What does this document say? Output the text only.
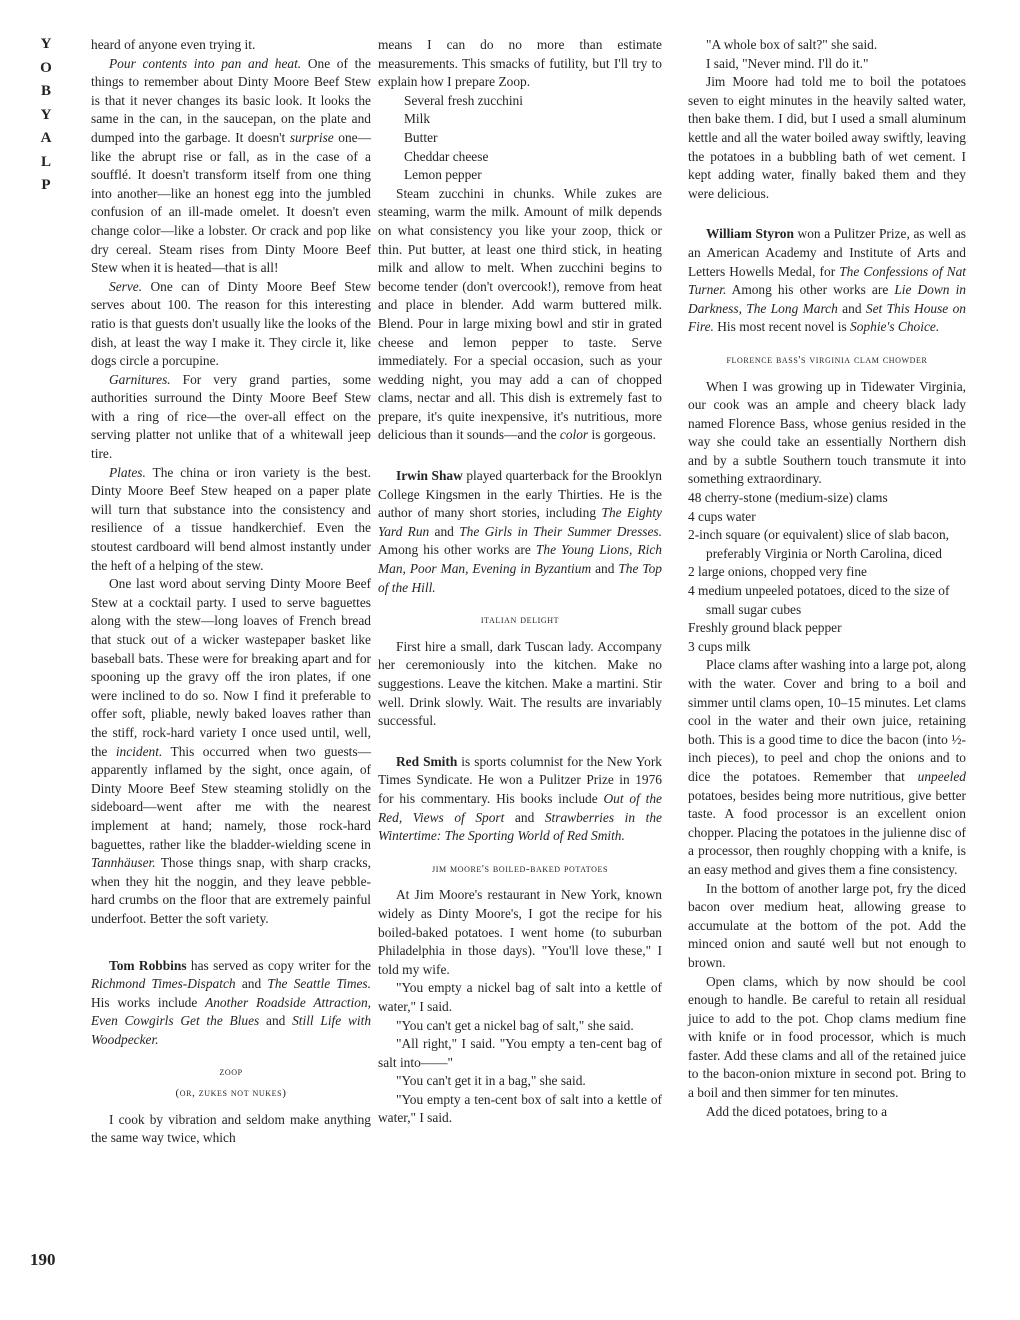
Y
O
B
Y
A
L
P
190

heard of anyone even trying it.

Pour contents into pan and heat. One of the things to remember about Dinty Moore Beef Stew is that it never changes its basic look. It looks the same in the can, in the saucepan, on the plate and dumped into the garbage. It doesn't surprise one—like the abrupt rise or fall, as in the case of a soufflé. It doesn't transform itself from one thing into another—like an honest egg into the jumbled confusion of an ill-made omelet. It doesn't even change color—like a lobster. Or crack and pop like dry cereal. Steam rises from Dinty Moore Beef Stew when it is heated—that is all!

Serve. One can of Dinty Moore Beef Stew serves about 100. The reason for this interesting ratio is that guests don't usually like the looks of the dish, at least the way I make it. They circle it, like dogs circle a porcupine.

Garnitures. For very grand parties, some authorities surround the Dinty Moore Beef Stew with a ring of rice—the over-all effect on the serving platter not unlike that of a whitewall jeep tire.

Plates. The china or iron variety is the best. Dinty Moore Beef Stew heaped on a paper plate will turn that substance into the consistency and resilience of a tissue handkerchief. Even the stoutest cardboard will bend almost instantly under the heft of a helping of the stew.

One last word about serving Dinty Moore Beef Stew at a cocktail party. I used to serve baguettes along with the stew—long loaves of French bread that stuck out of a wicker wastepaper basket like baseball bats. These were for breaking apart and for spooning up the gravy off the iron plates, if one were inclined to do so. Now I find it preferable to offer soft, pliable, newly baked loaves rather than the stiff, rock-hard variety I once used until, well, the incident. This occurred when two guests—apparently inflamed by the sight, once again, of Dinty Moore Beef Stew steaming stolidly on the sideboard—went after me with the nearest implement at hand; namely, those rock-hard baguettes, rather like the bladder-wielding scene in Tannhäuser. Those things snap, with sharp cracks, when they hit the noggin, and they leave pebble-hard crumbs on the floor that are extremely painful underfoot. Better the soft variety.

Tom Robbins has served as copy writer for the Richmond Times-Dispatch and The Seattle Times. His works include Another Roadside Attraction, Even Cowgirls Get the Blues and Still Life with Woodpecker.

zoop
(or, zukes not nukes)

I cook by vibration and seldom make anything the same way twice, which

means I can do no more than estimate measurements. This smacks of futility, but I'll try to explain how I prepare Zoop.

Several fresh zucchini

Milk

Butter

Cheddar cheese

Lemon pepper

Steam zucchini in chunks. While zukes are steaming, warm the milk. Amount of milk depends on what consistency you like your zoop, thick or thin. Put butter, at least one third stick, in heating milk and allow to melt. When zucchini begins to become tender (don't overcook!), remove from heat and place in blender. Add warm buttered milk. Blend. Pour in large mixing bowl and stir in grated cheese and lemon pepper to taste. Serve immediately. For a special occasion, such as your wedding night, you may add a can of chopped clams, nectar and all. This dish is extremely fast to prepare, it's quite inexpensive, it's nutritious, more delicious than it sounds—and the color is gorgeous.

Irwin Shaw played quarterback for the Brooklyn College Kingsmen in the early Thirties. He is the author of many short stories, including The Eighty Yard Run and The Girls in Their Summer Dresses. Among his other works are The Young Lions, Rich Man, Poor Man, Evening in Byzantium and The Top of the Hill.

italian delight

First hire a small, dark Tuscan lady. Accompany her ceremoniously into the kitchen. Make no suggestions. Leave the kitchen. Make a martini. Stir well. Drink slowly. Wait. The results are invariably successful.

Red Smith is sports columnist for the New York Times Syndicate. He won a Pulitzer Prize in 1976 for his commentary. His books include Out of the Red, Views of Sport and Strawberries in the Wintertime: The Sporting World of Red Smith.

jim moore's boiled-baked potatoes

At Jim Moore's restaurant in New York, known widely as Dinty Moore's, I got the recipe for his boiled-baked potatoes. I went home (to suburban Philadelphia in those days). "You'll love these," I told my wife.

"You empty a nickel bag of salt into a kettle of water," I said.

"You can't get a nickel bag of salt," she said.

"All right," I said. "You empty a ten-cent bag of salt into——"

"You can't get it in a bag," she said.

"You empty a ten-cent box of salt into a kettle of water," I said.

"A whole box of salt?" she said.

I said, "Never mind. I'll do it."

Jim Moore had told me to boil the potatoes seven to eight minutes in the heavily salted water, then bake them. I did, but I used a small aluminum kettle and all the water boiled away swiftly, leaving the potatoes in a bubbling bath of wet cement. I kept adding water, finally baked them and they were delicious.

William Styron won a Pulitzer Prize, as well as an American Academy and Institute of Arts and Letters Howells Medal, for The Confessions of Nat Turner. Among his other works are Lie Down in Darkness, The Long March and Set This House on Fire. His most recent novel is Sophie's Choice.

florence bass's virginia clam chowder

When I was growing up in Tidewater Virginia, our cook was an ample and cheery black lady named Florence Bass, whose genius resided in the way she could take an essentially Northern dish and by a subtle Southern touch transmute it into something extraordinary.

48 cherry-stone (medium-size) clams

4 cups water

2-inch square (or equivalent) slice of slab bacon, preferably Virginia or North Carolina, diced

2 large onions, chopped very fine

4 medium unpeeled potatoes, diced to the size of small sugar cubes

Freshly ground black pepper

3 cups milk

Place clams after washing into a large pot, along with the water. Cover and bring to a boil and simmer until clams open, 10–15 minutes. Let clams cool in the water and their own juice, retaining both. This is a good time to dice the bacon (into ½-inch pieces), to peel and chop the onions and to dice the potatoes. Remember that unpeeled potatoes, besides being more nutritious, give better taste. A food processor is an excellent onion chopper. Placing the potatoes in the julienne disc of a processor, then roughly chopping with a knife, is an easy method and gives them a fine consistency.

In the bottom of another large pot, fry the diced bacon over medium heat, allowing grease to accumulate at the bottom of the pot. Add the minced onion and sauté well but not enough to brown.

Open clams, which by now should be cool enough to handle. Be careful to retain all residual juice to add to the pot. Chop clams medium fine with knife or in food processor, which is much faster. Add these clams and all of the retained juice to the bacon-onion mixture in second pot. Bring to a boil and then simmer for ten minutes.

Add the diced potatoes, bring to a
